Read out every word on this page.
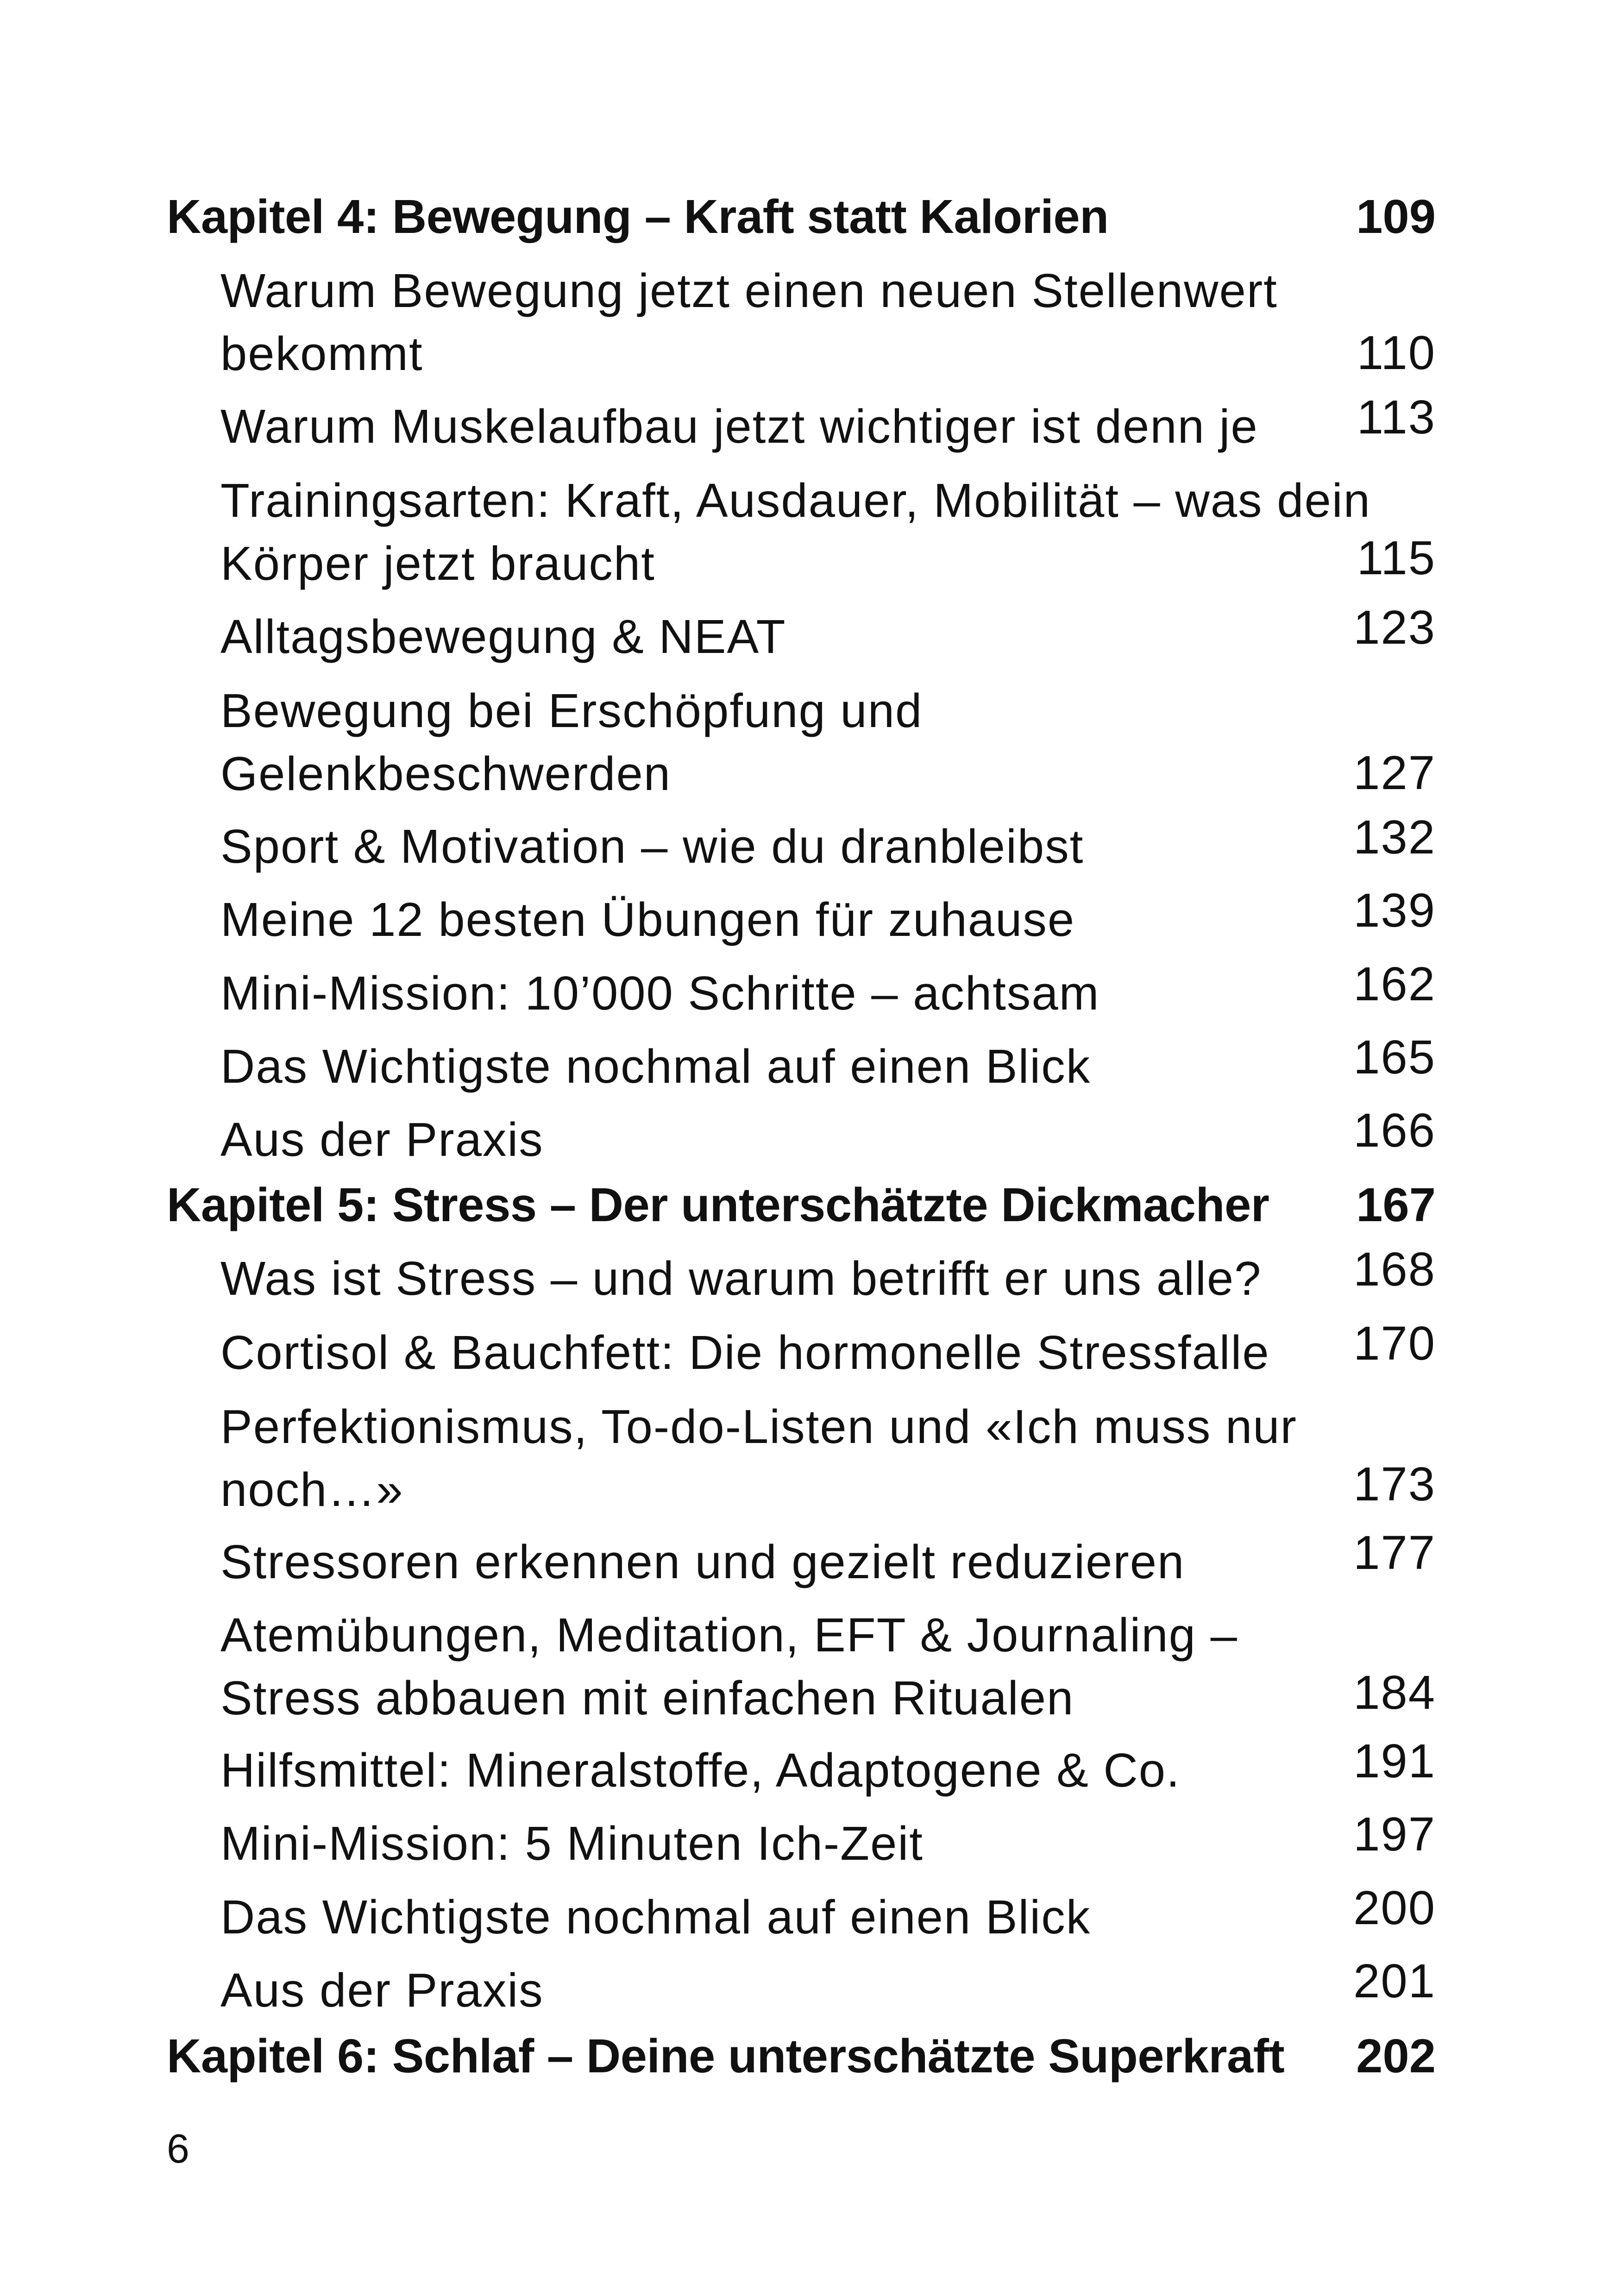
Kapitel 4: Bewegung – Kraft statt Kalorien	109
Warum Bewegung jetzt einen neuen Stellenwert bekommt	110
Warum Muskelaufbau jetzt wichtiger ist denn je	113
Trainingsarten: Kraft, Ausdauer, Mobilität – was dein Körper jetzt braucht	115
Alltagsbewegung & NEAT	123
Bewegung bei Erschöpfung und Gelenkbeschwerden	127
Sport & Motivation – wie du dranbleibst	132
Meine 12 besten Übungen für zuhause	139
Mini-Mission: 10’000 Schritte – achtsam	162
Das Wichtigste nochmal auf einen Blick	165
Aus der Praxis	166
Kapitel 5: Stress – Der unterschätzte Dickmacher 167
Was ist Stress – und warum betrifft er uns alle?	168
Cortisol & Bauchfett: Die hormonelle Stressfalle	170
Perfektionismus, To-do-Listen und «Ich muss nur noch…»	173
Stressoren erkennen und gezielt reduzieren	177
Atemübungen, Meditation, EFT & Journaling – Stress abbauen mit einfachen Ritualen	184
Hilfsmittel: Mineralstoffe, Adaptogene & Co.	191
Mini-Mission: 5 Minuten Ich-Zeit	197
Das Wichtigste nochmal auf einen Blick	200
Aus der Praxis	201
Kapitel 6: Schlaf – Deine unterschätzte Superkraft 202
6
